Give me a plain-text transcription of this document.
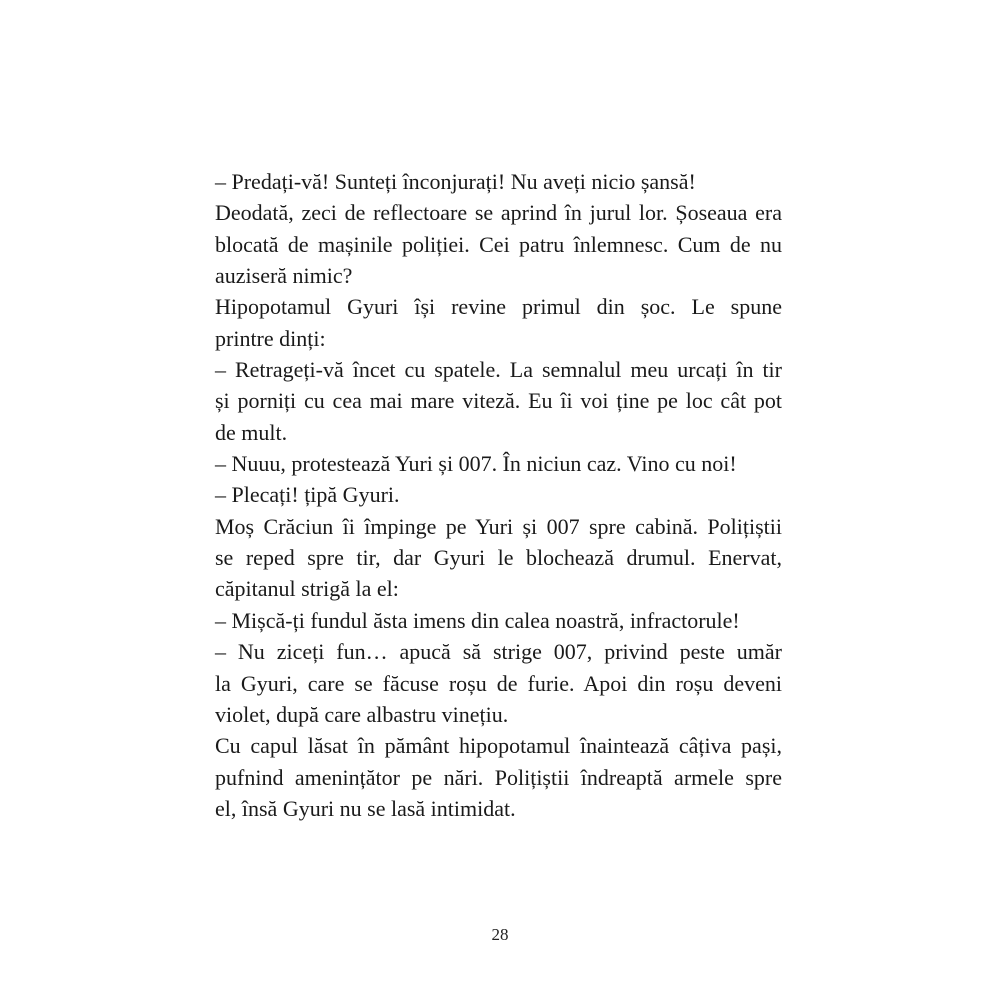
– Predați-vă! Sunteți înconjurați! Nu aveți nicio șansă!

Deodată, zeci de reflectoare se aprind în jurul lor. Șoseaua era
blocată de mașinile poliției. Cei patru înlemnesc. Cum de nu
auziseră nimic?

Hipopotamul Gyuri își revine primul din șoc. Le spune
printre dinți:

– Retrageți-vă încet cu spatele. La semnalul meu urcați în tir
și porniți cu cea mai mare viteză. Eu îi voi ține pe loc cât pot
de mult.

– Nuuu, protestează Yuri și 007. În niciun caz. Vino cu noi!

– Plecați! țipă Gyuri.

Moș Crăciun îi împinge pe Yuri și 007 spre cabină. Polițiștii
se reped spre tir, dar Gyuri le blochează drumul. Enervat,
căpitanul strigă la el:

– Mișcă-ți fundul ăsta imens din calea noastră, infractorule!

– Nu ziceți fun… apucă să strige 007, privind peste umăr
la Gyuri, care se făcuse roșu de furie. Apoi din roșu deveni
violet, după care albastru vinețiu.

Cu capul lăsat în pământ hipopotamul înaintează câțiva pași,
pufnind amenințător pe nări. Polițiștii îndreaptă armele spre
el, însă Gyuri nu se lasă intimidat.

28
